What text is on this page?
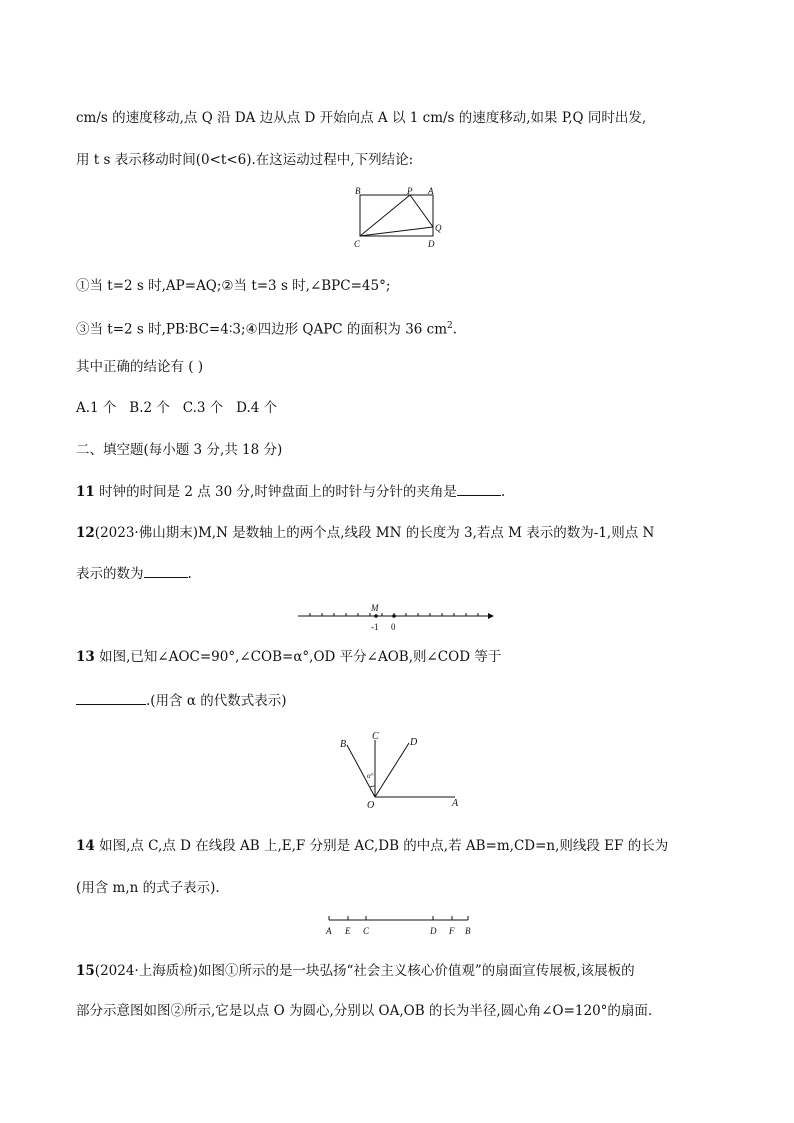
cm/s 的速度移动,点 Q 沿 DA 边从点 D 开始向点 A 以 1 cm/s 的速度移动,如果 P,Q 同时出发,
用 t s 表示移动时间(0<t<6).在这运动过程中,下列结论:
B	P A
Q
C	D
①当 t=2 s 时,AP=AQ;②当 t=3 s 时,∠BPC=45°;
③当 t=2 s 时,PB∶BC=4∶3;④四边形 QAPC 的面积为 36 $cm^2$.
其中正确的结论有 ( )
A.1 个   B.2 个   C.3 个   D.4 个
二、填空题(每小题 3 分,共 18 分)
11 时钟的时间是 2 点 30 分,时钟盘面上的时针与分针的夹角是	.
12(2023·佛山期末)M,N 是数轴上的两个点,线段 MN 的长度为 3,若点 M 表示的数为-1,则点 N
表示的数为	.
M
-1 0
13 如图,已知∠AOC=90°,∠COB=α°,OD 平分∠AOB,则∠COD 等于
.(用含 α 的代数式表示)
B
C
D
O	A
α°
14 如图,点 C,点 D 在线段 AB 上,E,F 分别是 AC,DB 的中点,若 AB=m,CD=n,则线段 EF 的长为
(用含 m,n 的式子表示).
A E C	D F B
15(2024·上海质检)如图①所示的是一块弘扬“社会主义核心价值观”的扇面宣传展板,该展板的
部分示意图如图②所示,它是以点 O 为圆心,分别以 OA,OB 的长为半径,圆心角∠O=120°的扇面.
